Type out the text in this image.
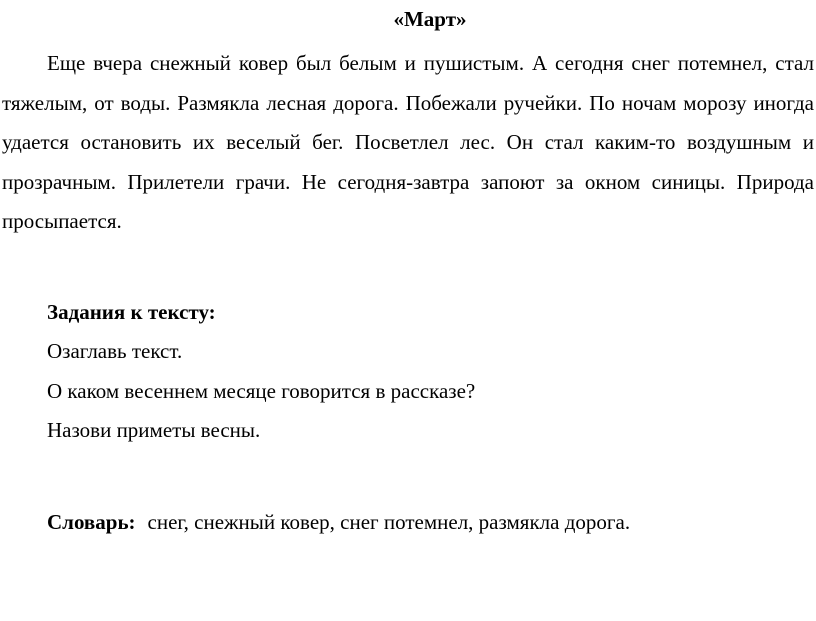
«Март»

Еще вчера снежный ковер был белым и пушистым. А сегодня снег потемнел, стал тяжелым, от воды. Размякла лесная дорога. Побежали ручейки. По ночам морозу иногда удается остановить их веселый бег. Посветлел лес. Он стал каким-то воздушным и прозрачным. Прилетели грачи. Не сегодня-завтра запоют за окном синицы. Природа просыпается.

Задания к тексту:

Озаглавь текст.

О каком весеннем месяце говорится в рассказе?

Назови приметы весны.

Словарь: снег, снежный ковер, снег потемнел, размякла дорога.
